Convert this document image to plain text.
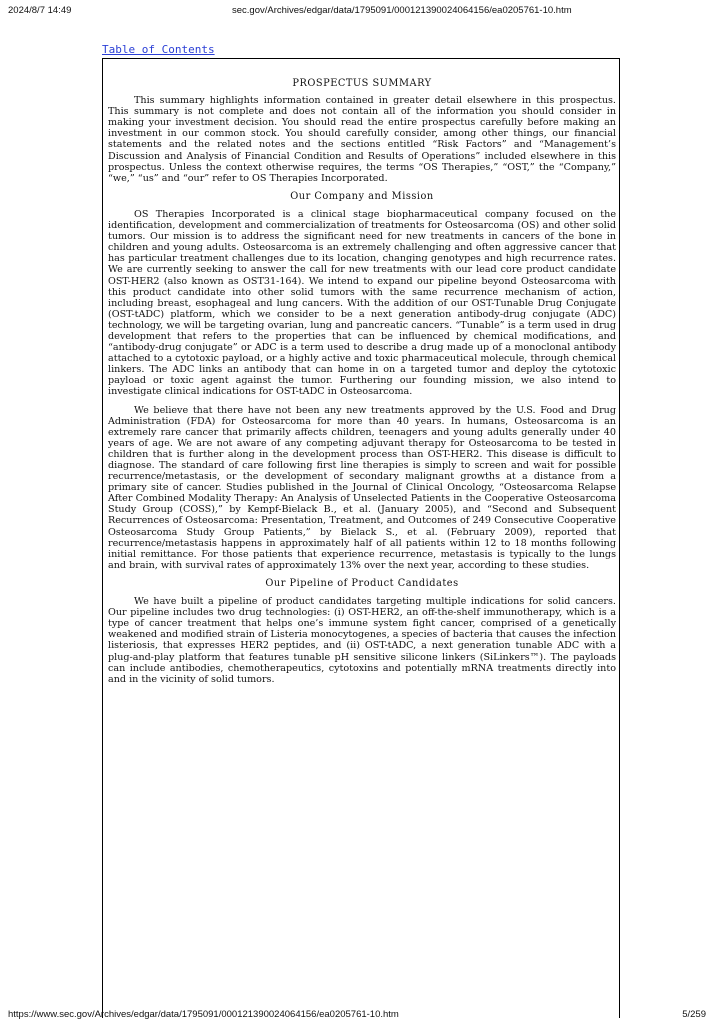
2024/8/7 14:49	sec.gov/Archives/edgar/data/1795091/000121390024064156/ea0205761-10.htm
Table of Contents
PROSPECTUS SUMMARY

This summary highlights information contained in greater detail elsewhere in this prospectus. This summary is not complete and does not contain all of the information you should consider in making your investment decision. You should read the entire prospectus carefully before making an investment in our common stock. You should carefully consider, among other things, our financial statements and the related notes and the sections entitled “Risk Factors” and “Management’s Discussion and Analysis of Financial Condition and Results of Operations” included elsewhere in this prospectus. Unless the context otherwise requires, the terms “OS Therapies,” “OST,” the “Company,” “we,” “us” and “our” refer to OS Therapies Incorporated.

Our Company and Mission

OS Therapies Incorporated is a clinical stage biopharmaceutical company focused on the identification, development and commercialization of treatments for Osteosarcoma (OS) and other solid tumors. Our mission is to address the significant need for new treatments in cancers of the bone in children and young adults. Osteosarcoma is an extremely challenging and often aggressive cancer that has particular treatment challenges due to its location, changing genotypes and high recurrence rates. We are currently seeking to answer the call for new treatments with our lead core product candidate OST-HER2 (also known as OST31-164). We intend to expand our pipeline beyond Osteosarcoma with this product candidate into other solid tumors with the same recurrence mechanism of action, including breast, esophageal and lung cancers. With the addition of our OST-Tunable Drug Conjugate (OST-tADC) platform, which we consider to be a next generation antibody-drug conjugate (ADC) technology, we will be targeting ovarian, lung and pancreatic cancers. “Tunable” is a term used in drug development that refers to the properties that can be influenced by chemical modifications, and “antibody-drug conjugate” or ADC is a term used to describe a drug made up of a monoclonal antibody attached to a cytotoxic payload, or a highly active and toxic pharmaceutical molecule, through chemical linkers. The ADC links an antibody that can home in on a targeted tumor and deploy the cytotoxic payload or toxic agent against the tumor. Furthering our founding mission, we also intend to investigate clinical indications for OST-tADC in Osteosarcoma.

We believe that there have not been any new treatments approved by the U.S. Food and Drug Administration (FDA) for Osteosarcoma for more than 40 years. In humans, Osteosarcoma is an extremely rare cancer that primarily affects children, teenagers and young adults generally under 40 years of age. We are not aware of any competing adjuvant therapy for Osteosarcoma to be tested in children that is further along in the development process than OST-HER2. This disease is difficult to diagnose. The standard of care following first line therapies is simply to screen and wait for possible recurrence/metastasis, or the development of secondary malignant growths at a distance from a primary site of cancer. Studies published in the Journal of Clinical Oncology, “Osteosarcoma Relapse After Combined Modality Therapy: An Analysis of Unselected Patients in the Cooperative Osteosarcoma Study Group (COSS),” by Kempf-Bielack B., et al. (January 2005), and “Second and Subsequent Recurrences of Osteosarcoma: Presentation, Treatment, and Outcomes of 249 Consecutive Cooperative Osteosarcoma Study Group Patients,” by Bielack S., et al. (February 2009), reported that recurrence/metastasis happens in approximately half of all patients within 12 to 18 months following initial remittance. For those patients that experience recurrence, metastasis is typically to the lungs and brain, with survival rates of approximately 13% over the next year, according to these studies.

Our Pipeline of Product Candidates

We have built a pipeline of product candidates targeting multiple indications for solid cancers. Our pipeline includes two drug technologies: (i) OST-HER2, an off-the-shelf immunotherapy, which is a type of cancer treatment that helps one’s immune system fight cancer, comprised of a genetically weakened and modified strain of Listeria monocytogenes, a species of bacteria that causes the infection listeriosis, that expresses HER2 peptides, and (ii) OST-tADC, a next generation tunable ADC with a plug-and-play platform that features tunable pH sensitive silicone linkers (SiLinkers™). The payloads can include antibodies, chemotherapeutics, cytotoxins and potentially mRNA treatments directly into and in the vicinity of solid tumors.

https://www.sec.gov/Archives/edgar/data/1795091/000121390024064156/ea0205761-10.htm	5/259
